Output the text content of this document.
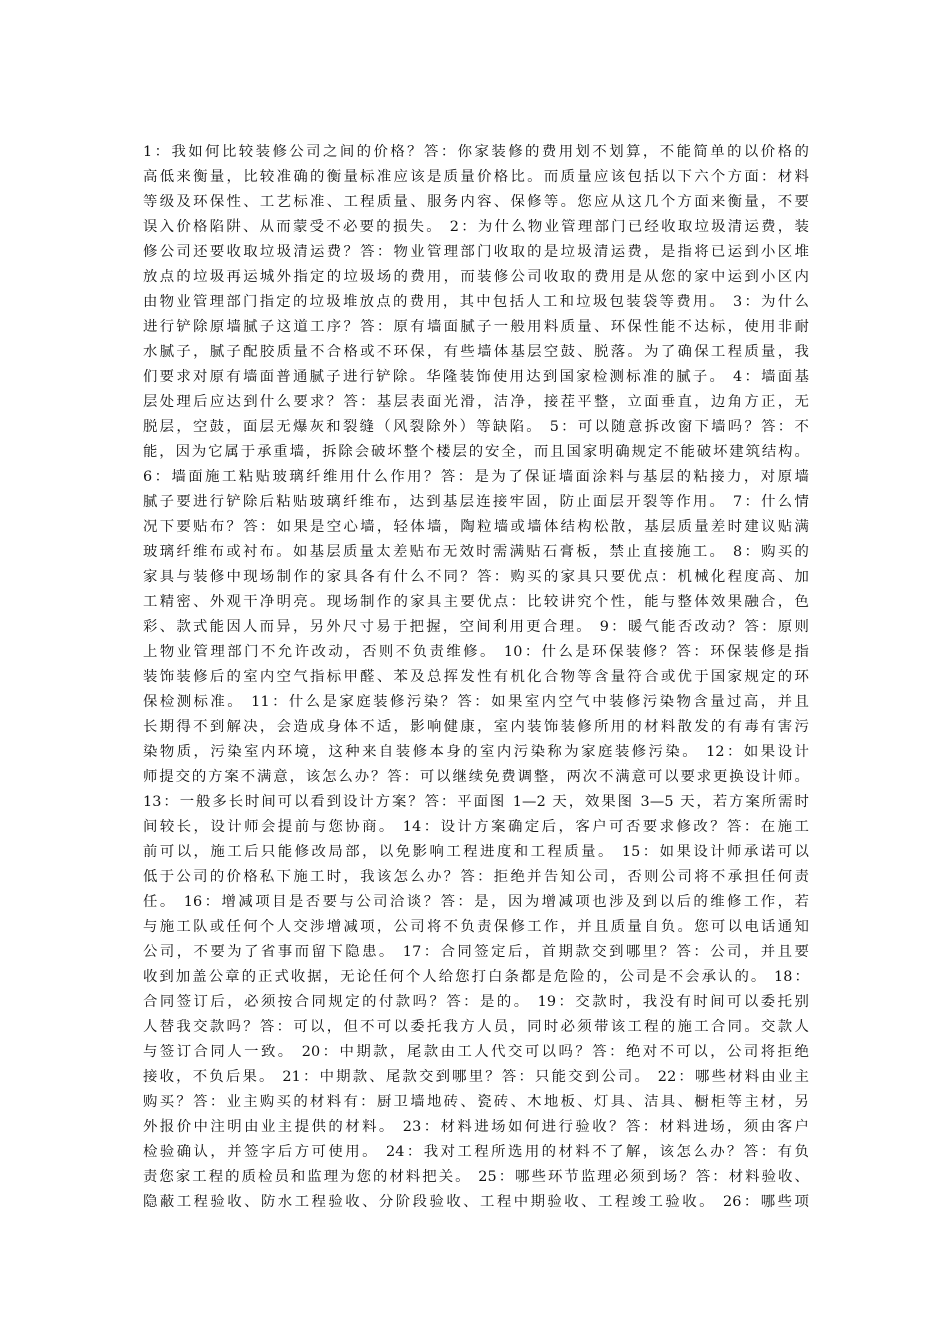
1：我如何比较装修公司之间的价格？答：你家装修的费用划不划算，不能简单的以价格的
高低来衡量，比较准确的衡量标准应该是质量价格比。而质量应该包括以下六个方面：材料
等级及环保性、工艺标准、工程质量、服务内容、保修等。您应从这几个方面来衡量，不要
误入价格陷阱、从而蒙受不必要的损失。 2：为什么物业管理部门已经收取垃圾清运费，装
修公司还要收取垃圾清运费？答：物业管理部门收取的是垃圾清运费，是指将已运到小区堆
放点的垃圾再运城外指定的垃圾场的费用，而装修公司收取的费用是从您的家中运到小区内
由物业管理部门指定的垃圾堆放点的费用，其中包括人工和垃圾包装袋等费用。 3：为什么
进行铲除原墙腻子这道工序？答：原有墙面腻子一般用料质量、环保性能不达标，使用非耐
水腻子，腻子配胶质量不合格或不环保，有些墙体基层空鼓、脱落。为了确保工程质量，我
们要求对原有墙面普通腻子进行铲除。华隆装饰使用达到国家检测标准的腻子。 4：墙面基
层处理后应达到什么要求？答：基层表面光滑，洁净，接茬平整，立面垂直，边角方正，无
脱层，空鼓，面层无爆灰和裂缝（风裂除外）等缺陷。 5：可以随意拆改窗下墙吗？答：不
能，因为它属于承重墙，拆除会破坏整个楼层的安全，而且国家明确规定不能破坏建筑结构。
6：墙面施工粘贴玻璃纤维用什么作用？答：是为了保证墙面涂料与基层的粘接力，对原墙
腻子要进行铲除后粘贴玻璃纤维布，达到基层连接牢固，防止面层开裂等作用。 7：什么情
况下要贴布？答：如果是空心墙，轻体墙，陶粒墙或墙体结构松散，基层质量差时建议贴满
玻璃纤维布或衬布。如基层质量太差贴布无效时需满贴石膏板，禁止直接施工。 8：购买的
家具与装修中现场制作的家具各有什么不同？答：购买的家具只要优点：机械化程度高、加
工精密、外观干净明亮。现场制作的家具主要优点：比较讲究个性，能与整体效果融合，色
彩、款式能因人而异，另外尺寸易于把握，空间利用更合理。 9：暖气能否改动？答：原则
上物业管理部门不允许改动，否则不负责维修。 10：什么是环保装修？答：环保装修是指
装饰装修后的室内空气指标甲醛、苯及总挥发性有机化合物等含量符合或优于国家规定的环
保检测标准。 11：什么是家庭装修污染？答：如果室内空气中装修污染物含量过高，并且
长期得不到解决，会造成身体不适，影响健康，室内装饰装修所用的材料散发的有毒有害污
染物质，污染室内环境，这种来自装修本身的室内污染称为家庭装修污染。 12：如果设计
师提交的方案不满意，该怎么办？答：可以继续免费调整，两次不满意可以要求更换设计师。
13：一般多长时间可以看到设计方案？答：平面图 1—2 天，效果图 3—5 天，若方案所需时
间较长，设计师会提前与您协商。 14：设计方案确定后，客户可否要求修改？答：在施工
前可以，施工后只能修改局部，以免影响工程进度和工程质量。 15：如果设计师承诺可以
低于公司的价格私下施工时，我该怎么办？答：拒绝并告知公司，否则公司将不承担任何责
任。 16：增减项目是否要与公司洽谈？答：是，因为增减项也涉及到以后的维修工作，若
与施工队或任何个人交涉增减项，公司将不负责保修工作，并且质量自负。您可以电话通知
公司，不要为了省事而留下隐患。 17：合同签定后，首期款交到哪里？答：公司，并且要
收到加盖公章的正式收据，无论任何个人给您打白条都是危险的，公司是不会承认的。 18：
合同签订后，必须按合同规定的付款吗？答：是的。 19：交款时，我没有时间可以委托别
人替我交款吗？答：可以，但不可以委托我方人员，同时必须带该工程的施工合同。交款人
与签订合同人一致。 20：中期款，尾款由工人代交可以吗？答：绝对不可以，公司将拒绝
接收，不负后果。 21：中期款、尾款交到哪里？答：只能交到公司。 22：哪些材料由业主
购买？答：业主购买的材料有：厨卫墙地砖、瓷砖、木地板、灯具、洁具、橱柜等主材，另
外报价中注明由业主提供的材料。 23：材料进场如何进行验收？答：材料进场，须由客户
检验确认，并签字后方可使用。 24：我对工程所选用的材料不了解，该怎么办？答：有负
责您家工程的质检员和监理为您的材料把关。 25：哪些环节监理必须到场？答：材料验收、
隐蔽工程验收、防水工程验收、分阶段验收、工程中期验收、工程竣工验收。 26：哪些项
